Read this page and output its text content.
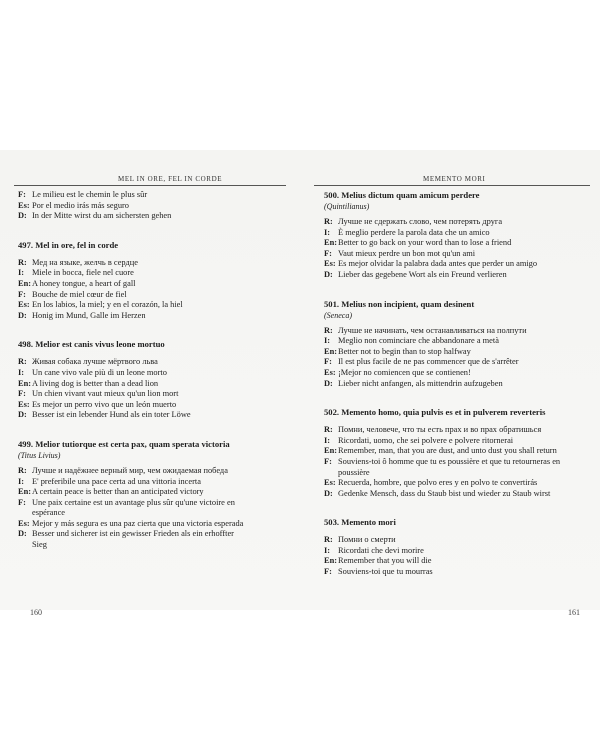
MEL IN ORE, FEL IN CORDE
F: Le milieu est le chemin le plus sûr
Es: Por el medio irás más seguro
D: In der Mitte wirst du am sichersten gehen
497. Mel in ore, fel in corde
R: Мед на языке, желчь в сердце
I: Miele in bocca, fiele nel cuore
En:A honey tongue, a heart of gall
F: Bouche de miel cœur de fiel
Es: En los labios, la miel; y en el corazón, la hiel
D: Honig im Mund, Galle im Herzen
498. Melior est canis vivus leone mortuo
R: Живая собака лучше мёртвого льва
I: Un cane vivo vale più di un leone morto
En:A living dog is better than a dead lion
F: Un chien vivant vaut mieux qu'un lion mort
Es: Es mejor un perro vivo que un león muerto
D: Besser ist ein lebender Hund als ein toter Löwe
499. Melior tutiorque est certa pax, quam sperata victoria
(Titus Livius)
R: Лучше и надёжнее верный мир, чем ожидаемая победа
I: E' preferibile una pace certa ad una vittoria incerta
En:A certain peace is better than an anticipated victory
F: Une paix certaine est un avantage plus sûr qu'une victoire en
espérance
Es: Mejor y más segura es una paz cierta que una victoria esperada
D: Besser und sicherer ist ein gewisser Frieden als ein erhoffter
Sieg
160
MEMENTO MORI
500. Melius dictum quam amicum perdere
(Quintilianus)
R: Лучше не сдержать слово, чем потерять друга
I: È meglio perdere la parola data che un amico
En:Better to go back on your word than to lose a friend
F: Vaut mieux perdre un bon mot qu'un ami
Es: Es mejor olvidar la palabra dada antes que perder un amigo
D: Lieber das gegebene Wort als ein Freund verlieren
501. Melius non incipient, quam desinent
(Seneca)
R: Лучше не начинать, чем останавливаться на полпути
I: Meglio non cominciare che abbandonare a metà
En:Better not to begin than to stop halfway
F: Il est plus facile de ne pas commencer que de s'arrêter
Es: ¡Mejor no comiencen que se contienen!
D: Lieber nicht anfangen, als mittendrin aufzugeben
502. Memento homo, quia pulvis es et in pulverem reverteris
R: Помни, человече, что ты есть прах и во прах обратишься
I: Ricordati, uomo, che sei polvere e polvere ritornerai
En:Remember, man, that you are dust, and unto dust you shall return
F: Souviens-toi ô homme que tu es poussière et que tu retourneras en
poussière
Es: Recuerda, hombre, que polvo eres y en polvo te convertirás
D: Gedenke Mensch, dass du Staub bist und wieder zu Staub wirst
503. Memento mori
R: Помни о смерти
I: Ricordati che devi morire
En:Remember that you will die
F: Souviens-toi que tu mourras
161
